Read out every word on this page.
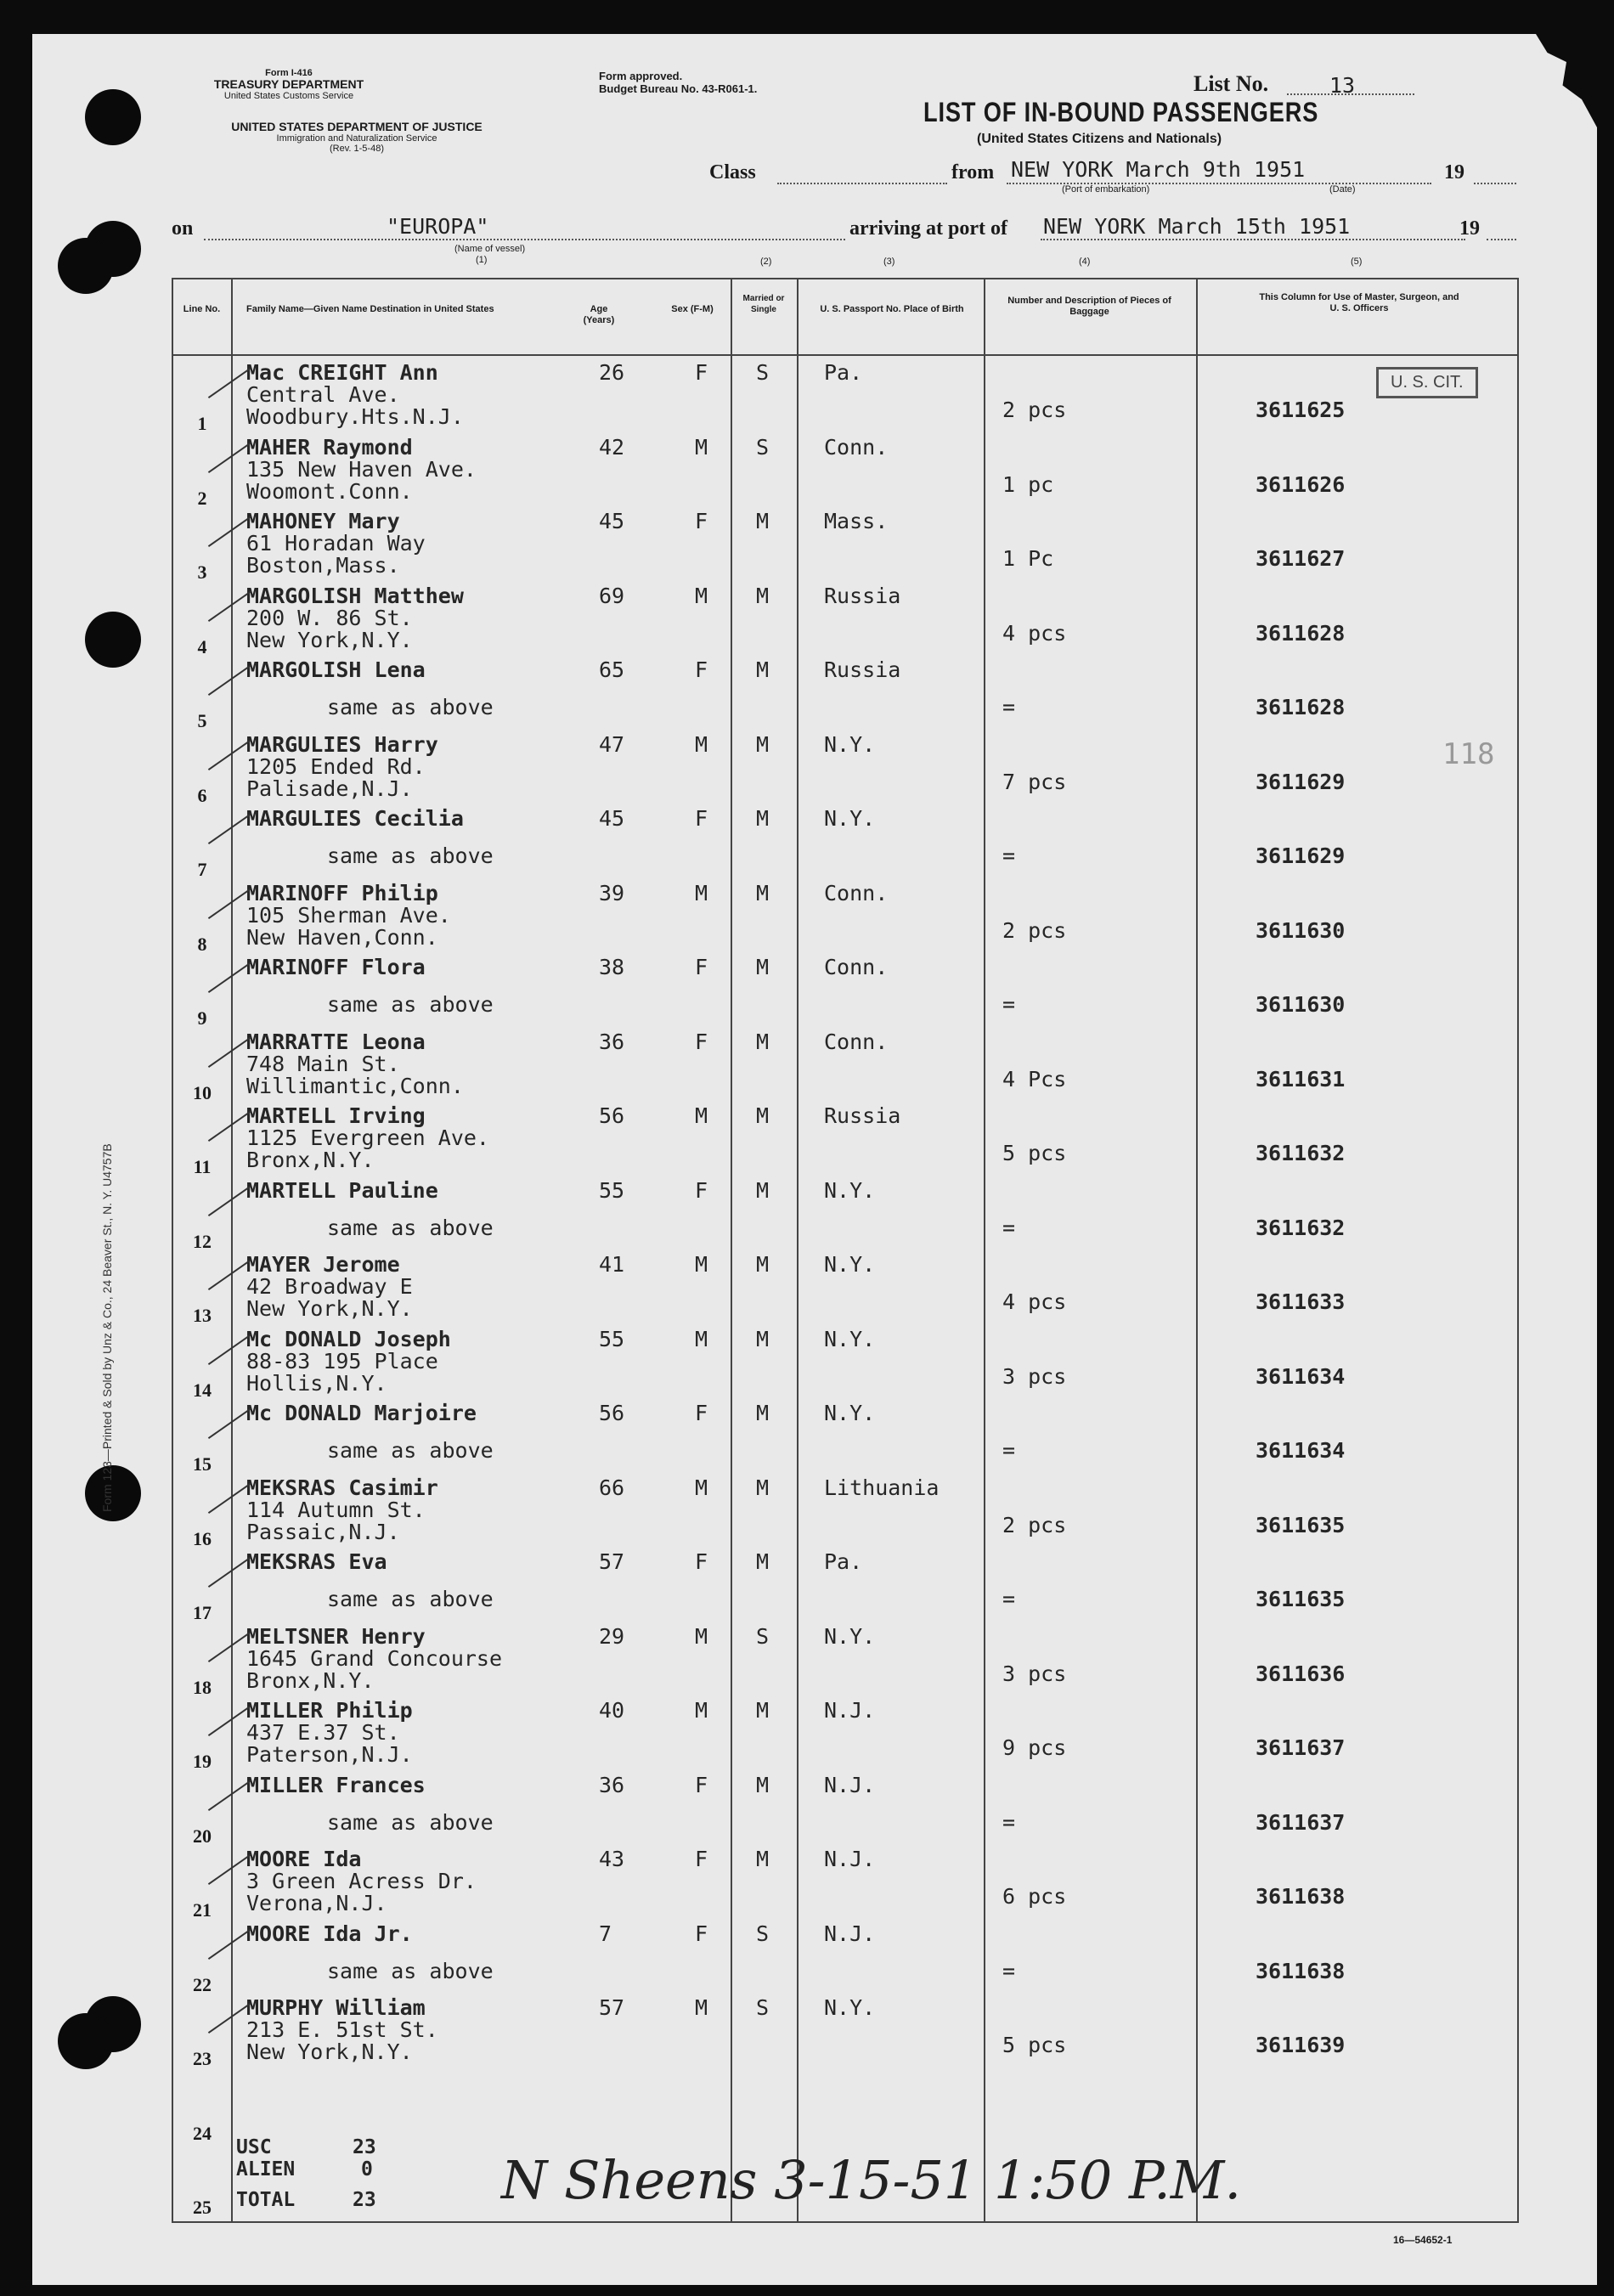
Form I-416
TREASURY DEPARTMENT
United States Customs Service
UNITED STATES DEPARTMENT OF JUSTICE
Immigration and Naturalization Service
(Rev. 1-5-48)
Form approved.
Budget Bureau No. 43-R061-1.	List No.	13
LIST OF IN-BOUND PASSENGERS
(United States Citizens and Nationals)
Class	from NEW YORK March 9th 1951
(Port of embarkation)	(Date)
19
on	"EUROPA"
(Name of vessel)
(1)
arriving at port of NEW YORK March 15th 1951	19
(2)	(3)	(4)	(5)
Line No.	Family Name—Given Name Destination in United States	Age (Years)
Sex (F-M)
Married or Single	U. S. Passport No. Place of Birth
Number and Description of Pieces of Baggage
This Column for Use of Master, Surgeon, and U. S. Officers
1
Mac CREIGHT Ann
Central Ave.
Woodbury.Hts.N.J.
26	F S	Pa.
2 pcs	3611625
2
MAHER Raymond
135 New Haven Ave.
Woomont.Conn.
42	M S	Conn.
1 pc	3611626
3
MAHONEY Mary
61 Horadan Way
Boston,Mass.
45	F M	Mass.
1 Pc	3611627
4
MARGOLISH Matthew
200 W. 86 St.
New York,N.Y.
69	M M	Russia
4 pcs	3611628
5
MARGOLISH Lena
same as above
65	F M	Russia
=	3611628
6
MARGULIES Harry
1205 Ended Rd.
Palisade,N.J.
47	M M	N.Y.
7 pcs	3611629
7
MARGULIES Cecilia
same as above
45	F M	N.Y.
=	3611629
8
MARINOFF Philip
105 Sherman Ave.
New Haven,Conn.
39	M M	Conn.
2 pcs	3611630
9
MARINOFF Flora
same as above
38	F M	Conn.
=	3611630
10
MARRATTE Leona
748 Main St.
Willimantic,Conn.
36	F M	Conn.
4 Pcs	3611631
11
MARTELL Irving
1125 Evergreen Ave.
Bronx,N.Y.
56	M M	Russia
5 pcs	3611632
12
MARTELL Pauline
same as above
55	F M	N.Y.
=	3611632
13
MAYER Jerome
42 Broadway E
New York,N.Y.
41	M M	N.Y.
4 pcs	3611633
14
Mc DONALD Joseph
88-83 195 Place
Hollis,N.Y.
55	M M	N.Y.
3 pcs	3611634
15
Mc DONALD Marjoire
same as above
56	F M	N.Y.
=	3611634
16
MEKSRAS Casimir
114 Autumn St.
Passaic,N.J.
66	M M	Lithuania
2 pcs	3611635
17
MEKSRAS Eva
same as above
57	F M	Pa.
=	3611635
18
MELTSNER Henry
1645 Grand Concourse
Bronx,N.Y.
29	M S	N.Y.
3 pcs	3611636
19
MILLER Philip
437 E.37 St.
Paterson,N.J.
40	M M	N.J.
9 pcs	3611637
20
MILLER Frances
same as above
36	F M	N.J.
=	3611637
21
MOORE Ida
3 Green Acress Dr.
Verona,N.J.
43	F M	N.J.
6 pcs	3611638
22
MOORE Ida Jr.
same as above
7	F S	N.J.
=	3611638
23
MURPHY William
213 E. 51st St.
New York,N.Y.
57	M S	N.Y.
5 pcs	3611639
24
25
U. S. CIT.
118
USC	23
ALIEN	0
TOTAL	23 N Sheens 3-15-51 1:50 P.M.
Form 123—Printed & Sold by Unz & Co., 24 Beaver St., N. Y. U4757B
16—54652-1
